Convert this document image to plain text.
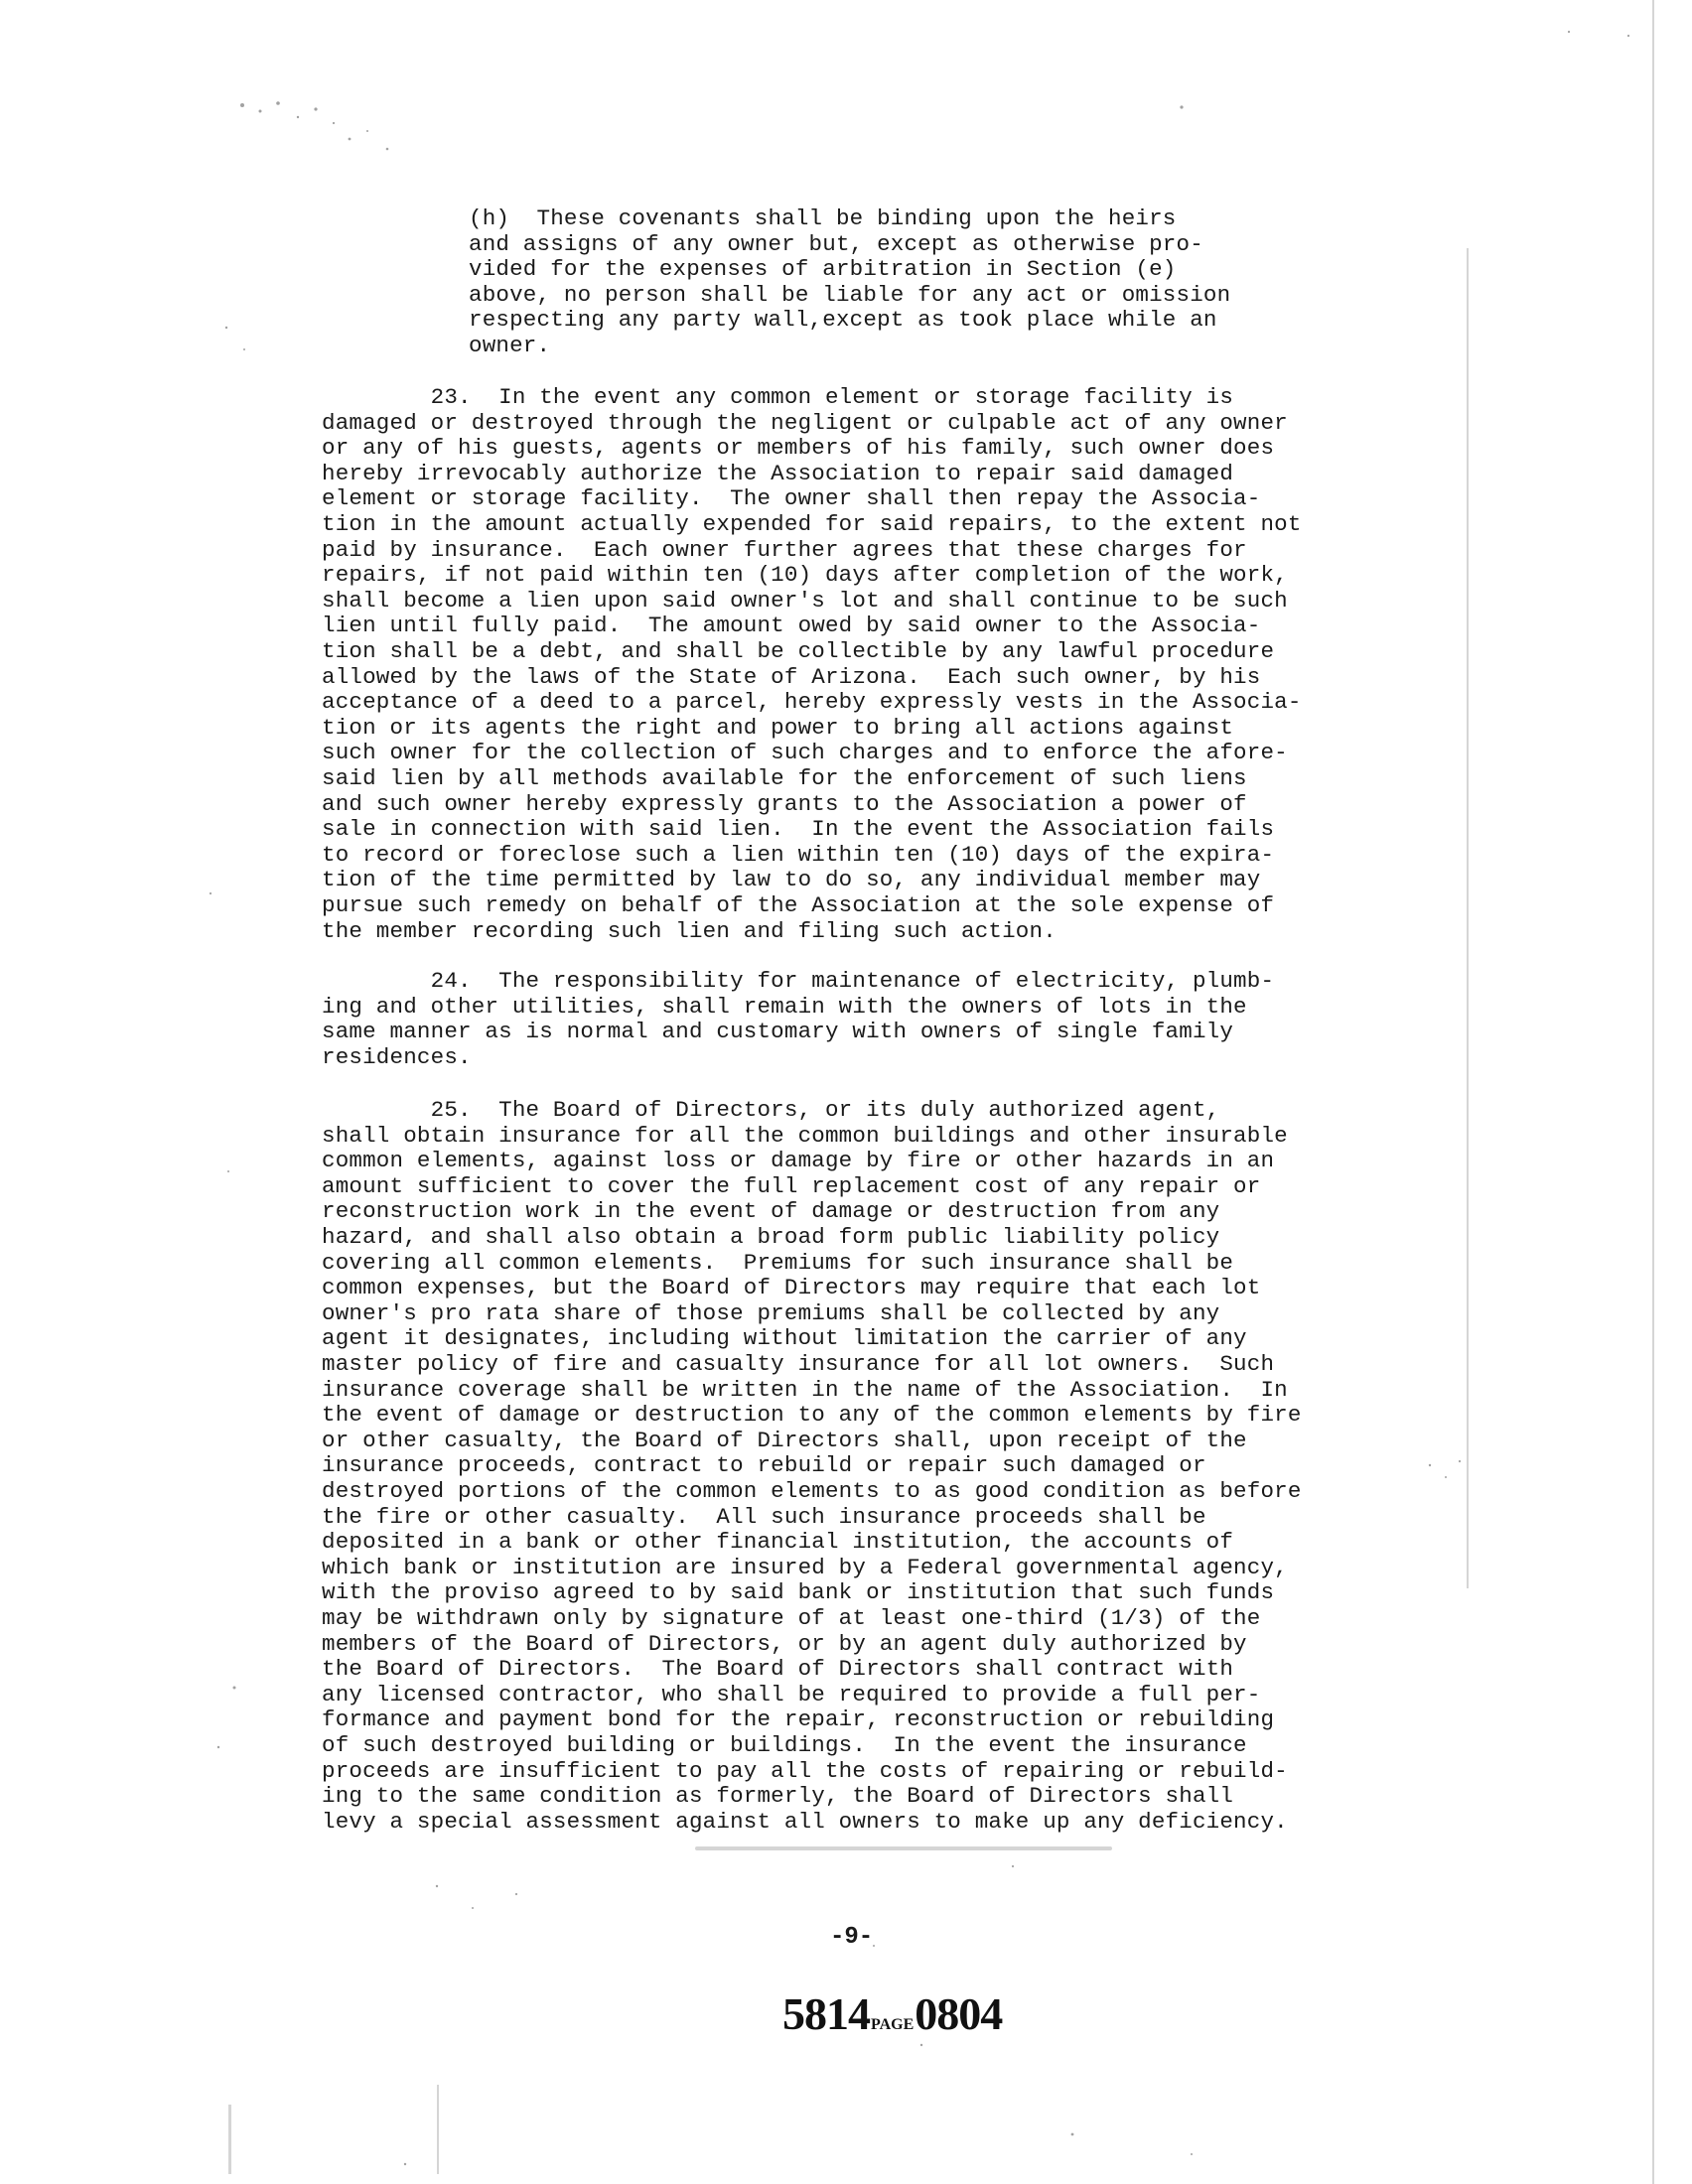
(h)  These covenants shall be binding upon the heirs
and assigns of any owner but, except as otherwise pro-
vided for the expenses of arbitration in Section (e)
above, no person shall be liable for any act or omission
respecting any party wall,except as took place while an
owner.
23.  In the event any common element or storage facility is
damaged or destroyed through the negligent or culpable act of any owner
or any of his guests, agents or members of his family, such owner does
hereby irrevocably authorize the Association to repair said damaged
element or storage facility.  The owner shall then repay the Associa-
tion in the amount actually expended for said repairs, to the extent not
paid by insurance.  Each owner further agrees that these charges for
repairs, if not paid within ten (10) days after completion of the work,
shall become a lien upon said owner's lot and shall continue to be such
lien until fully paid.  The amount owed by said owner to the Associa-
tion shall be a debt, and shall be collectible by any lawful procedure
allowed by the laws of the State of Arizona.  Each such owner, by his
acceptance of a deed to a parcel, hereby expressly vests in the Associa-
tion or its agents the right and power to bring all actions against
such owner for the collection of such charges and to enforce the afore-
said lien by all methods available for the enforcement of such liens
and such owner hereby expressly grants to the Association a power of
sale in connection with said lien.  In the event the Association fails
to record or foreclose such a lien within ten (10) days of the expira-
tion of the time permitted by law to do so, any individual member may
pursue such remedy on behalf of the Association at the sole expense of
the member recording such lien and filing such action.
24.  The responsibility for maintenance of electricity, plumb-
ing and other utilities, shall remain with the owners of lots in the
same manner as is normal and customary with owners of single family
residences.
25.  The Board of Directors, or its duly authorized agent,
shall obtain insurance for all the common buildings and other insurable
common elements, against loss or damage by fire or other hazards in an
amount sufficient to cover the full replacement cost of any repair or
reconstruction work in the event of damage or destruction from any
hazard, and shall also obtain a broad form public liability policy
covering all common elements.  Premiums for such insurance shall be
common expenses, but the Board of Directors may require that each lot
owner's pro rata share of those premiums shall be collected by any
agent it designates, including without limitation the carrier of any
master policy of fire and casualty insurance for all lot owners.  Such
insurance coverage shall be written in the name of the Association.  In
the event of damage or destruction to any of the common elements by fire
or other casualty, the Board of Directors shall, upon receipt of the
insurance proceeds, contract to rebuild or repair such damaged or
destroyed portions of the common elements to as good condition as before
the fire or other casualty.  All such insurance proceeds shall be
deposited in a bank or other financial institution, the accounts of
which bank or institution are insured by a Federal governmental agency,
with the proviso agreed to by said bank or institution that such funds
may be withdrawn only by signature of at least one-third (1/3) of the
members of the Board of Directors, or by an agent duly authorized by
the Board of Directors.  The Board of Directors shall contract with
any licensed contractor, who shall be required to provide a full per-
formance and payment bond for the repair, reconstruction or rebuilding
of such destroyed building or buildings.  In the event the insurance
proceeds are insufficient to pay all the costs of repairing or rebuild-
ing to the same condition as formerly, the Board of Directors shall
levy a special assessment against all owners to make up any deficiency.
-9-
5814PAGE0804
